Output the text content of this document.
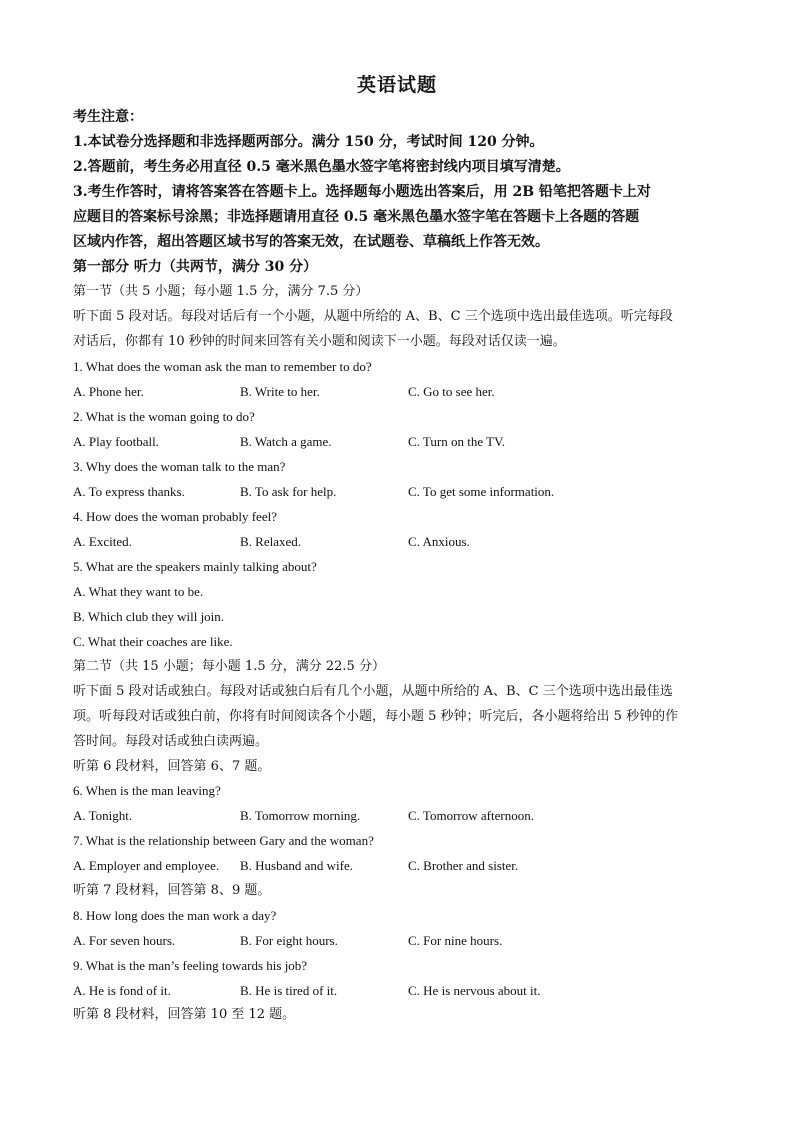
英语试题
考生注意：
1.本试卷分选择题和非选择题两部分。满分 150 分，考试时间 120 分钟。
2.答题前，考生务必用直径 0.5 毫米黑色墨水签字笔将密封线内项目填写清楚。
3.考生作答时，请将答案答在答题卡上。选择题每小题选出答案后，用 2B 铅笔把答题卡上对
应题目的答案标号涂黑；非选择题请用直径 0.5 毫米黑色墨水签字笔在答题卡上各题的答题
区域内作答，超出答题区域书写的答案无效，在试题卷、草稿纸上作答无效。
第一部分 听力（共两节，满分 30 分）
第一节（共 5 小题；每小题 1.5 分，满分 7.5 分）
听下面 5 段对话。每段对话后有一个小题，从题中所给的 A、B、C 三个选项中选出最佳选项。听完每段
对话后，你都有 10 秒钟的时间来回答有关小题和阅读下一小题。每段对话仅读一遍。
1. What does the woman ask the man to remember to do?
A. Phone her.	B. Write to her.	C. Go to see her.
2. What is the woman going to do?
A. Play football.	B. Watch a game.	C. Turn on the TV.
3. Why does the woman talk to the man?
A. To express thanks.	B. To ask for help.	C. To get some information.
4. How does the woman probably feel?
A. Excited.	B. Relaxed.	C. Anxious.
5. What are the speakers mainly talking about?
A. What they want to be.
B. Which club they will join.
C. What their coaches are like.
第二节（共 15 小题；每小题 1.5 分，满分 22.5 分）
听下面 5 段对话或独白。每段对话或独白后有几个小题，从题中所给的 A、B、C 三个选项中选出最佳选
项。听每段对话或独白前，你将有时间阅读各个小题，每小题 5 秒钟；听完后，各小题将给出 5 秒钟的作
答时间。每段对话或独白读两遍。
听第 6 段材料，回答第 6、7 题。
6. When is the man leaving?
A. Tonight.	B. Tomorrow morning.	C. Tomorrow afternoon.
7. What is the relationship between Gary and the woman?
A. Employer and employee. B. Husband and wife.	C. Brother and sister.
听第 7 段材料，回答第 8、9 题。
8. How long does the man work a day?
A. For seven hours.	B. For eight hours.	C. For nine hours.
9. What is the man’s feeling towards his job?
A. He is fond of it.	B. He is tired of it.	C. He is nervous about it.
听第 8 段材料，回答第 10 至 12 题。
